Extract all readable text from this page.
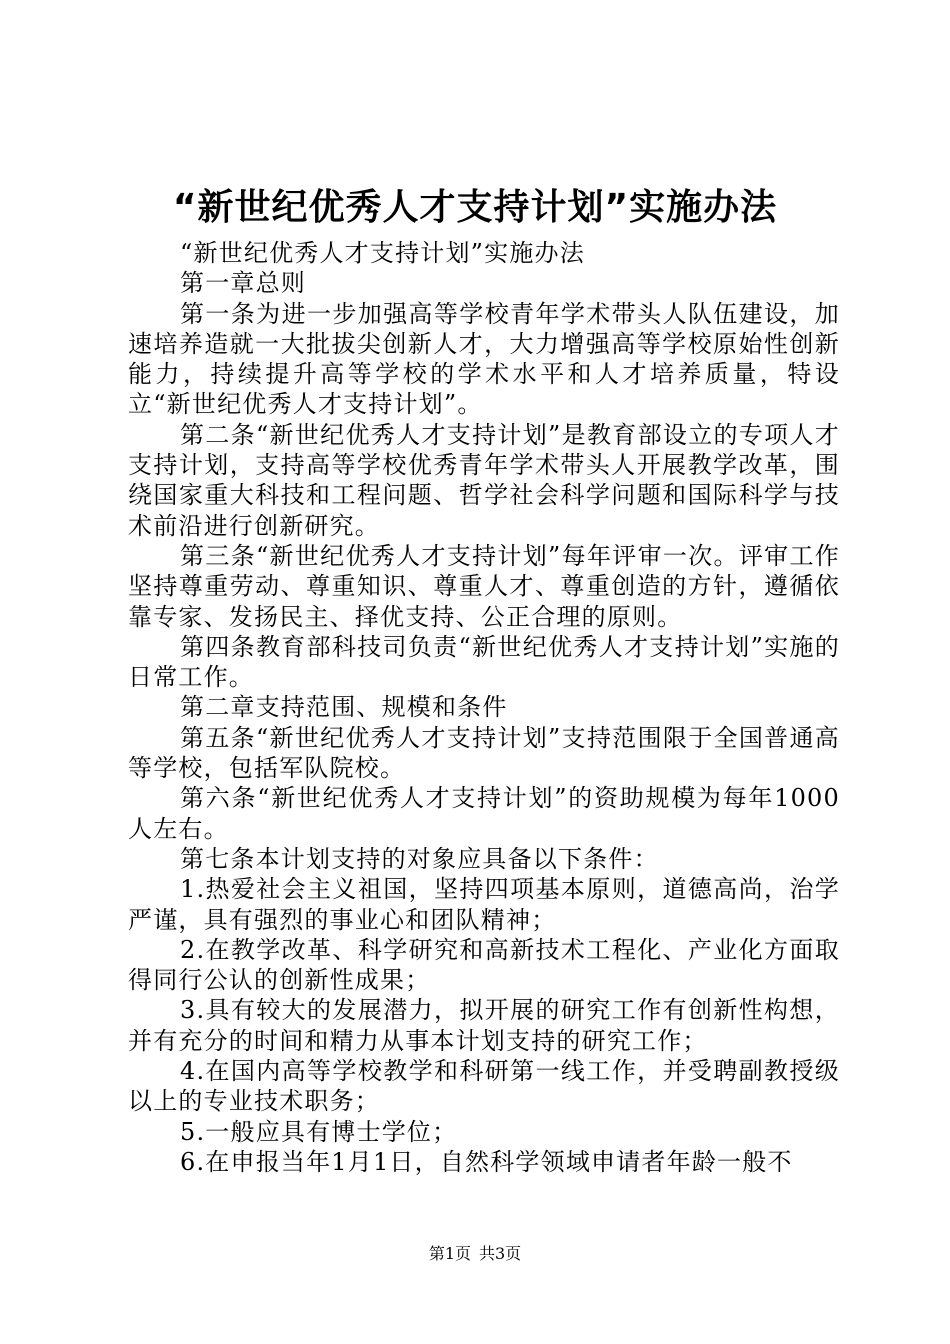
“新世纪优秀人才支持计划”实施办法

“新世纪优秀人才支持计划”实施办法

第一章总则

第一条为进一步加强高等学校青年学术带头人队伍建设，加速培养造就一大批拔尖创新人才，大力增强高等学校原始性创新能力，持续提升高等学校的学术水平和人才培养质量，特设立“新世纪优秀人才支持计划”。

第二条“新世纪优秀人才支持计划”是教育部设立的专项人才支持计划，支持高等学校优秀青年学术带头人开展教学改革，围绕国家重大科技和工程问题、哲学社会科学问题和国际科学与技术前沿进行创新研究。

第三条“新世纪优秀人才支持计划”每年评审一次。评审工作坚持尊重劳动、尊重知识、尊重人才、尊重创造的方针，遵循依靠专家、发扬民主、择优支持、公正合理的原则。

第四条教育部科技司负责“新世纪优秀人才支持计划”实施的日常工作。

第二章支持范围、规模和条件

第五条“新世纪优秀人才支持计划”支持范围限于全国普通高等学校，包括军队院校。

第六条“新世纪优秀人才支持计划”的资助规模为每年1000人左右。

第七条本计划支持的对象应具备以下条件：

1.热爱社会主义祖国，坚持四项基本原则，道德高尚，治学严谨，具有强烈的事业心和团队精神；

2.在教学改革、科学研究和高新技术工程化、产业化方面取得同行公认的创新性成果；

3.具有较大的发展潜力，拟开展的研究工作有创新性构想，并有充分的时间和精力从事本计划支持的研究工作；

4.在国内高等学校教学和科研第一线工作，并受聘副教授级以上的专业技术职务；

5.一般应具有博士学位；

6.在申报当年1月1日，自然科学领域申请者年龄一般不

第1页 共3页
